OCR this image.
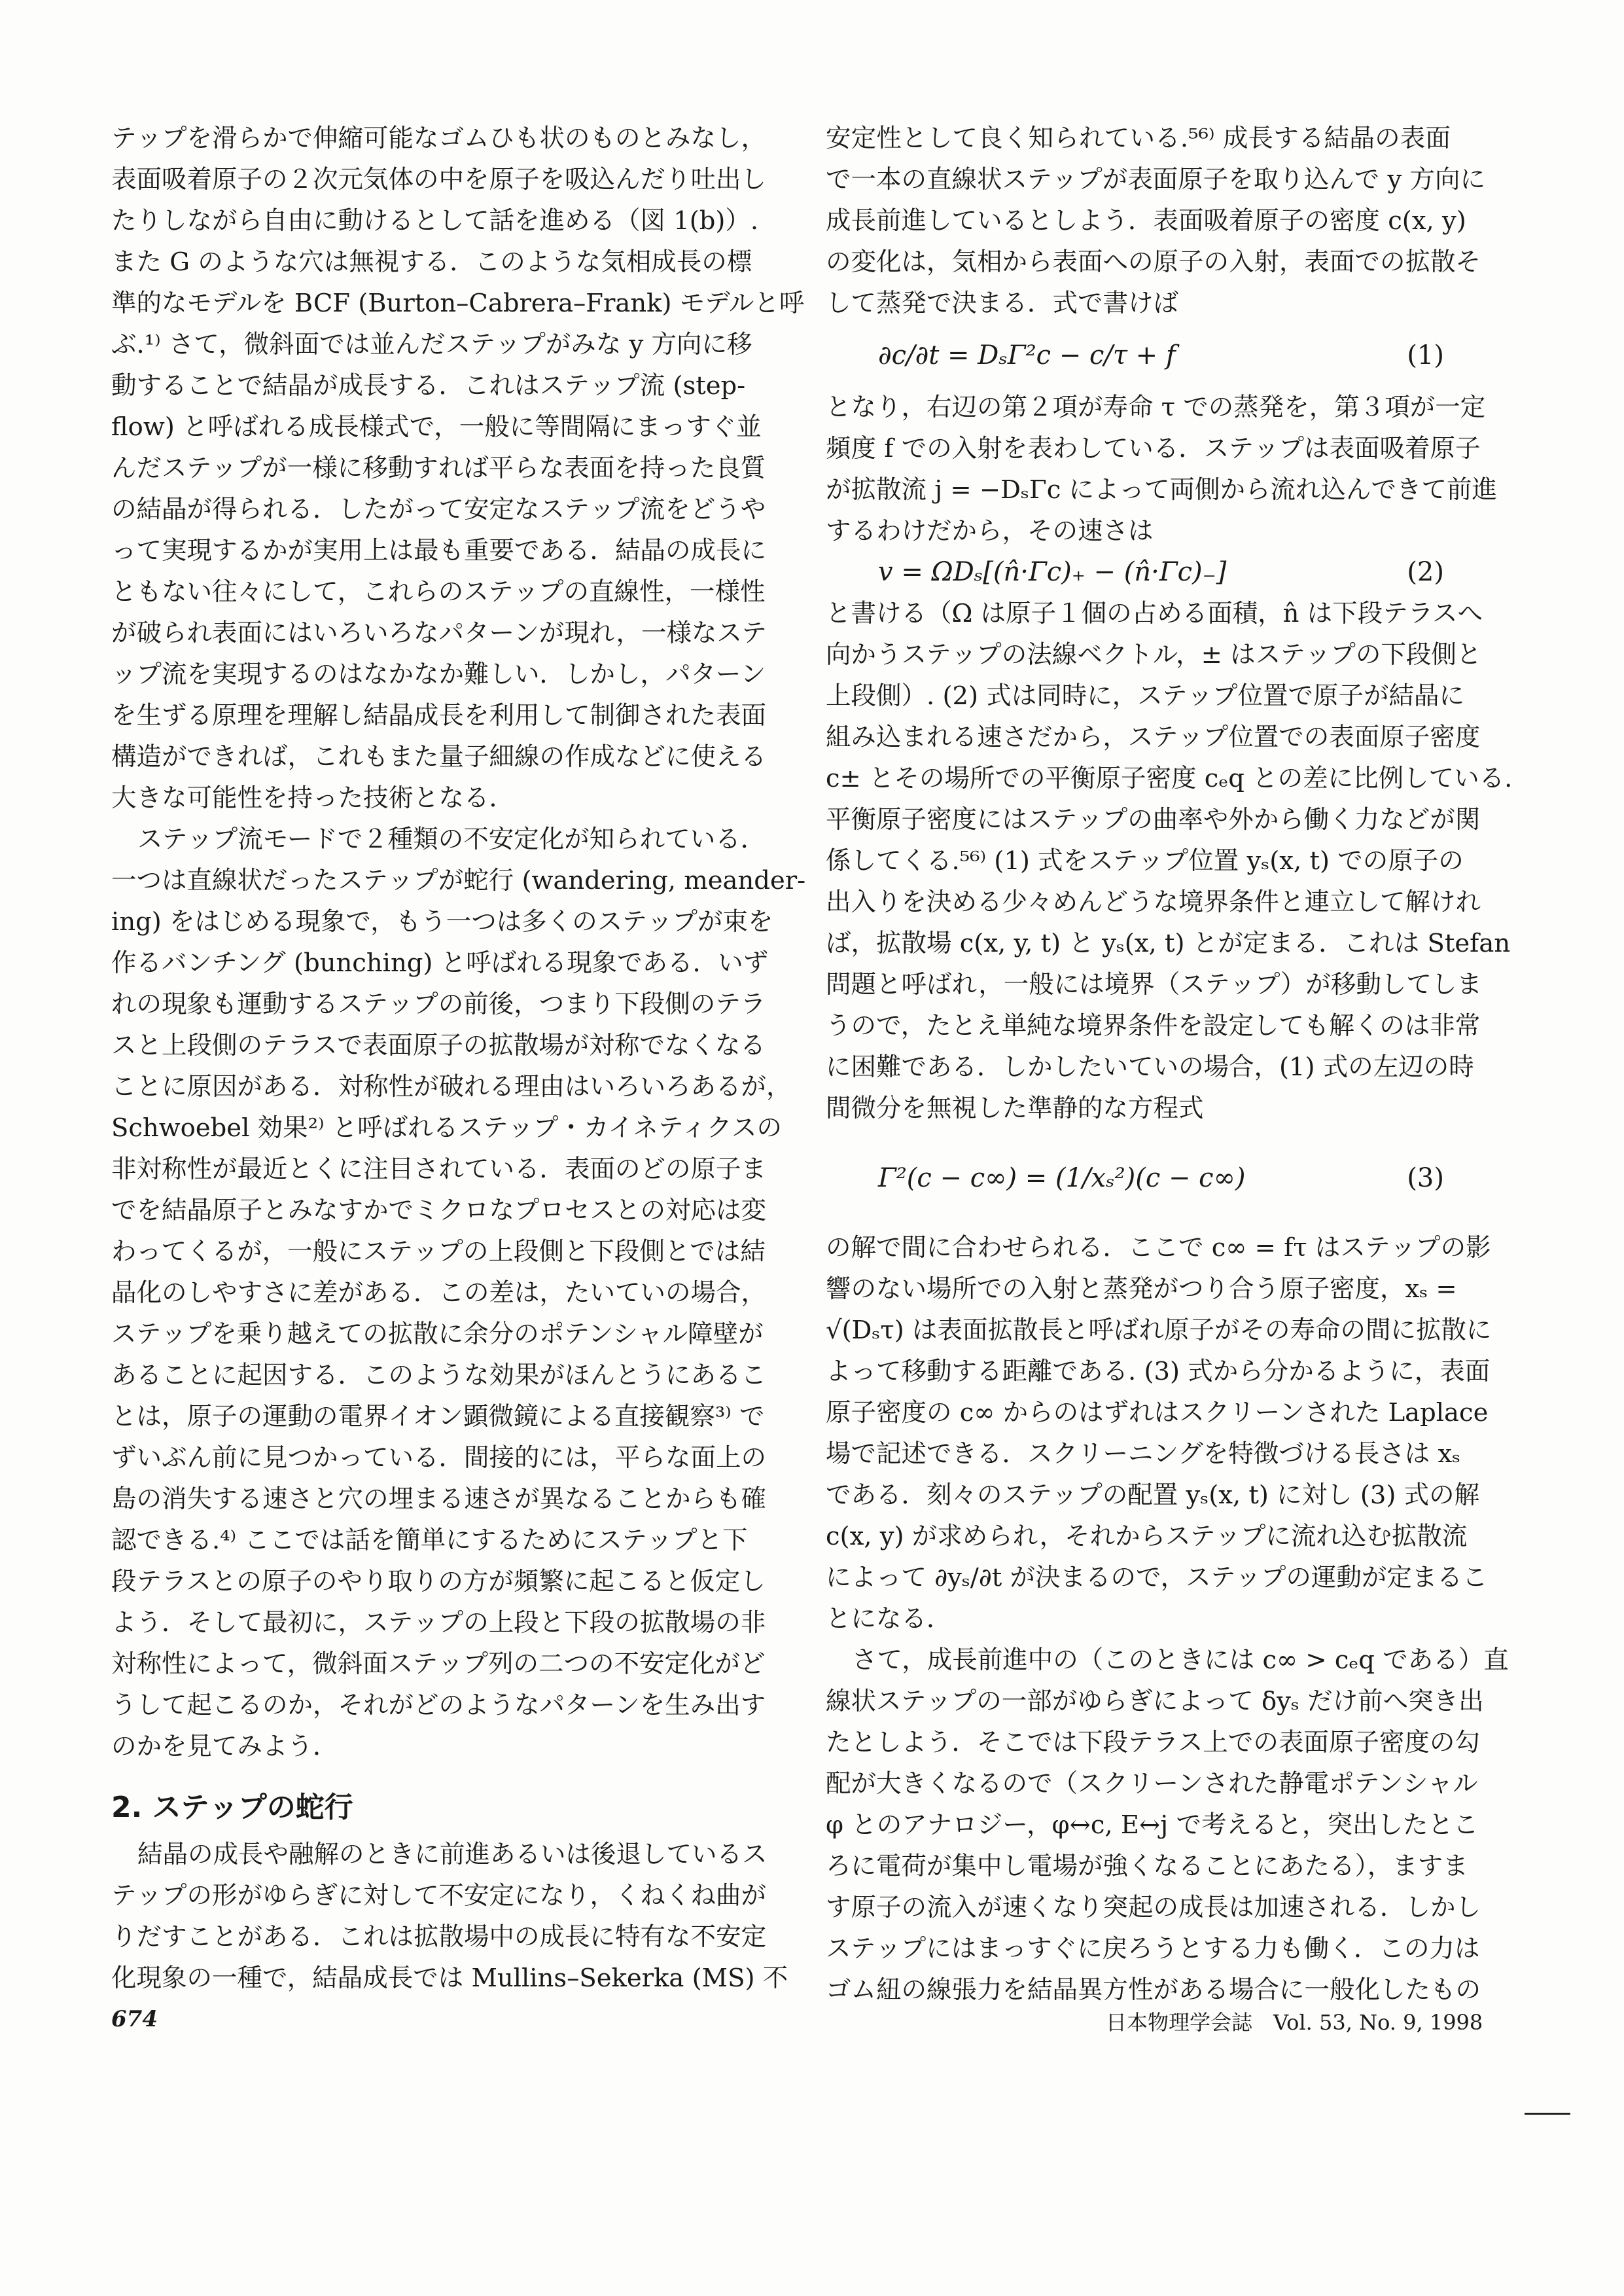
テップを滑らかで伸縮可能なゴムひも状のものとみなし，
表面吸着原子の２次元気体の中を原子を吸込んだり吐出し
たりしながら自由に動けるとして話を進める（図 1(b)）.
また G のような穴は無視する．このような気相成長の標
準的なモデルを BCF (Burton–Cabrera–Frank) モデルと呼
ぶ.¹⁾ さて，微斜面では並んだステップがみな y 方向に移
動することで結晶が成長する．これはステップ流 (step-
flow) と呼ばれる成長様式で，一般に等間隔にまっすぐ並
んだステップが一様に移動すれば平らな表面を持った良質
の結晶が得られる．したがって安定なステップ流をどうや
って実現するかが実用上は最も重要である．結晶の成長に
ともない往々にして，これらのステップの直線性，一様性
が破られ表面にはいろいろなパターンが現れ，一様なステ
ップ流を実現するのはなかなか難しい．しかし，パターン
を生ずる原理を理解し結晶成長を利用して制御された表面
構造ができれば，これもまた量子細線の作成などに使える
大きな可能性を持った技術となる．
ステップ流モードで２種類の不安定化が知られている．
一つは直線状だったステップが蛇行 (wandering, meander-
ing) をはじめる現象で，もう一つは多くのステップが束を
作るバンチング (bunching) と呼ばれる現象である．いず
れの現象も運動するステップの前後，つまり下段側のテラ
スと上段側のテラスで表面原子の拡散場が対称でなくなる
ことに原因がある．対称性が破れる理由はいろいろあるが，
Schwoebel 効果²⁾ と呼ばれるステップ・カイネティクスの
非対称性が最近とくに注目されている．表面のどの原子ま
でを結晶原子とみなすかでミクロなプロセスとの対応は変
わってくるが，一般にステップの上段側と下段側とでは結
晶化のしやすさに差がある．この差は，たいていの場合，
ステップを乗り越えての拡散に余分のポテンシャル障壁が
あることに起因する．このような効果がほんとうにあるこ
とは，原子の運動の電界イオン顕微鏡による直接観察³⁾ で
ずいぶん前に見つかっている．間接的には，平らな面上の
島の消失する速さと穴の埋まる速さが異なることからも確
認できる.⁴⁾ ここでは話を簡単にするためにステップと下
段テラスとの原子のやり取りの方が頻繁に起こると仮定し
よう．そして最初に，ステップの上段と下段の拡散場の非
対称性によって，微斜面ステップ列の二つの不安定化がど
うして起こるのか，それがどのようなパターンを生み出す
のかを見てみよう．
2. ステップの蛇行
結晶の成長や融解のときに前進あるいは後退しているス
テップの形がゆらぎに対して不安定になり，くねくね曲が
りだすことがある．これは拡散場中の成長に特有な不安定
化現象の一種で，結晶成長では Mullins–Sekerka (MS) 不
安定性として良く知られている.⁵⁶⁾ 成長する結晶の表面
で一本の直線状ステップが表面原子を取り込んで y 方向に
成長前進しているとしよう．表面吸着原子の密度 c(x, y)
の変化は，気相から表面への原子の入射，表面での拡散そ
して蒸発で決まる．式で書けば
∂c/∂t = DₛΓ²c − c/τ + f	(1)
となり，右辺の第２項が寿命 τ での蒸発を，第３項が一定
頻度 f での入射を表わしている．ステップは表面吸着原子
が拡散流 j = −DₛΓc によって両側から流れ込んできて前進
するわけだから，その速さは
v = ΩDₛ[(n̂·Γc)₊ − (n̂·Γc)₋]	(2)
と書ける（Ω は原子１個の占める面積，n̂ は下段テラスへ
向かうステップの法線ベクトル，± はステップの下段側と
上段側）. (2) 式は同時に，ステップ位置で原子が結晶に
組み込まれる速さだから，ステップ位置での表面原子密度
c± とその場所での平衡原子密度 cₑq との差に比例している.
平衡原子密度にはステップの曲率や外から働く力などが関
係してくる.⁵⁶⁾ (1) 式をステップ位置 yₛ(x, t) での原子の
出入りを決める少々めんどうな境界条件と連立して解けれ
ば，拡散場 c(x, y, t) と yₛ(x, t) とが定まる．これは Stefan
問題と呼ばれ，一般には境界（ステップ）が移動してしま
うので，たとえ単純な境界条件を設定しても解くのは非常
に困難である．しかしたいていの場合，(1) 式の左辺の時
間微分を無視した準静的な方程式
Γ²(c − c∞) = (1/xₛ²)(c − c∞)	(3)
の解で間に合わせられる．ここで c∞ = fτ はステップの影
響のない場所での入射と蒸発がつり合う原子密度，xₛ =
√(Dₛτ) は表面拡散長と呼ばれ原子がその寿命の間に拡散に
よって移動する距離である. (3) 式から分かるように，表面
原子密度の c∞ からのはずれはスクリーンされた Laplace
場で記述できる．スクリーニングを特徴づける長さは xₛ
である．刻々のステップの配置 yₛ(x, t) に対し (3) 式の解
c(x, y) が求められ，それからステップに流れ込む拡散流
によって ∂yₛ/∂t が決まるので，ステップの運動が定まるこ
とになる．
さて，成長前進中の（このときには c∞ > cₑq である）直
線状ステップの一部がゆらぎによって δyₛ だけ前へ突き出
たとしよう．そこでは下段テラス上での表面原子密度の勾
配が大きくなるので（スクリーンされた静電ポテンシャル
φ とのアナロジー，φ↔c, E↔j で考えると，突出したとこ
ろに電荷が集中し電場が強くなることにあたる），ますま
す原子の流入が速くなり突起の成長は加速される．しかし
ステップにはまっすぐに戻ろうとする力も働く．この力は
ゴム紐の線張力を結晶異方性がある場合に一般化したもの
674	日本物理学会誌　Vol. 53, No. 9, 1998
